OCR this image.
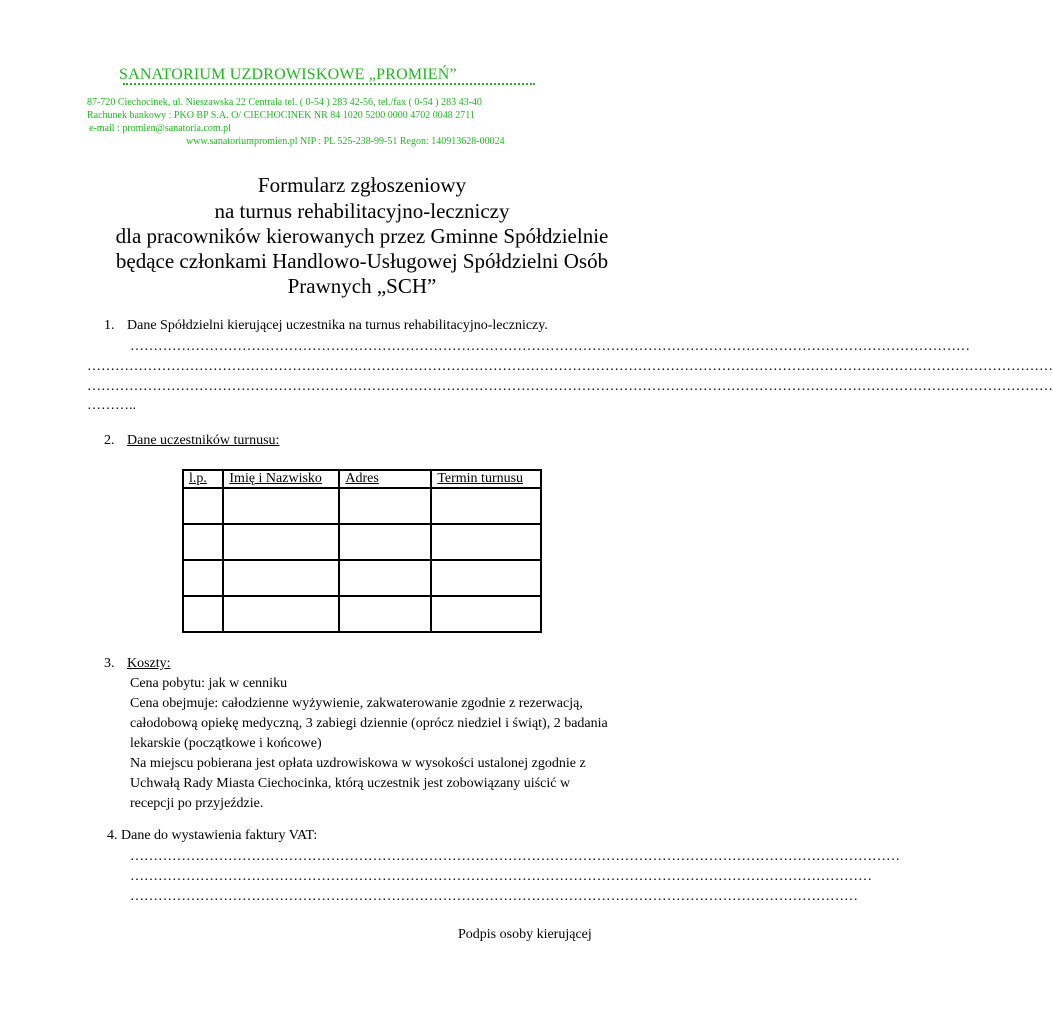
SANATORIUM UZDROWISKOWE „PROMIEŃ”
87-720 Ciechocinek, ul. Nieszawska 22 Centrala tel. ( 0-54 ) 283 42-56, tel./fax ( 0-54 ) 283 43-40
Rachunek bankowy : PKO BP S.A. O/ CIECHOCINEK NR 84 1020 5200 0000 4702 0048 2711
e-mail : promien@sanatoria.com.pl
www.sanatoriumpromien.pl NIP : PL 525-238-99-51 Regon: 140913628-00024
Formularz zgłoszeniowy
na turnus rehabilitacyjno-leczniczy
dla pracowników kierowanych przez Gminne Spółdzielnie
będące członkami Handlowo-Usługowej Spółdzielni Osób
Prawnych „SCH”
1. Dane Spółdzielni kierującej uczestnika na turnus rehabilitacyjno-leczniczy.
………………………………………………………………………………………………………………………………………………………………
………………………………………………………………………………………………………………………………………………………………………………………
………………………………………………………………………………………………………………………………………………………………………………………
………..
2. Dane uczestników turnusu:
l.p.	Imię i Nazwisko	Adres	Termin turnusu

3. Koszty:
Cena pobytu: jak w cenniku
Cena obejmuje: całodzienne wyżywienie, zakwaterowanie zgodnie z rezerwacją,
całodobową opiekę medyczną, 3 zabiegi dziennie (oprócz niedziel i świąt), 2 badania
lekarskie (początkowe i końcowe)
Na miejscu pobierana jest opłata uzdrowiskowa w wysokości ustalonej zgodnie z
Uchwałą Rady Miasta Ciechocinka, którą uczestnik jest zobowiązany uiścić w
recepcji po przyjeździe.
4. Dane do wystawienia faktury VAT:
…………………………………………………………………………………………………………………………………………………
……………………………………………………………………………………………………………………………………………
…………………………………………………………………………………………………………………………………………
Podpis osoby kierującej
